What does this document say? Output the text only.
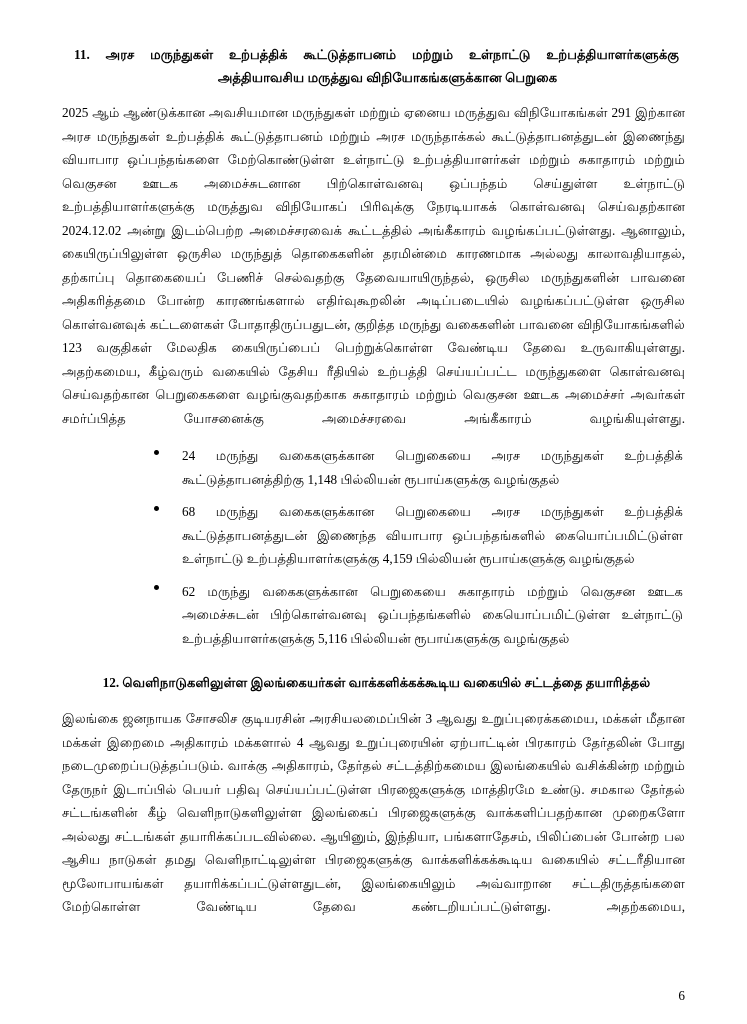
11. அரச மருந்துகள் உற்பத்திக் கூட்டுத்தாபனம் மற்றும் உள்நாட்டு உற்பத்தியாளர்களுக்கு அத்தியாவசிய மருத்துவ விநியோகங்களுக்கான பெறுகை

2025 ஆம் ஆண்டுக்கான அவசியமான மருந்துகள் மற்றும் ஏனைய மருத்துவ விநியோகங்கள் 291 இற்கான அரச மருந்துகள் உற்பத்திக் கூட்டுத்தாபனம் மற்றும் அரச மருந்தாக்கல் கூட்டுத்தாபனத்துடன் இணைந்து வியாபார ஒப்பந்தங்களை மேற்கொண்டுள்ள உள்நாட்டு உற்பத்தியாளர்கள் மற்றும் சுகாதாரம் மற்றும் வெகுசன ஊடக அமைச்சுடனான பிற்கொள்வனவு ஒப்பந்தம் செய்துள்ள உள்நாட்டு உற்பத்தியாளர்களுக்கு மருத்துவ விநியோகப் பிரிவுக்கு நேரடியாகக் கொள்வனவு செய்வதற்கான 2024.12.02 அன்று இடம்பெற்ற அமைச்சரவைக் கூட்டத்தில் அங்கீகாரம் வழங்கப்பட்டுள்ளது. ஆனாலும், கையிருப்பிலுள்ள ஒருசில மருந்துத் தொகைகளின் தரமின்மை காரணமாக அல்லது காலாவதியாதல், தற்காப்பு தொகையைப் பேணிச் செல்வதற்கு தேவையாயிருந்தல், ஒருசில மருந்துகளின் பாவனை அதிகரித்தமை போன்ற காரணங்களால் எதிர்வுகூறலின் அடிப்படையில் வழங்கப்பட்டுள்ள ஒருசில கொள்வனவுக் கட்டளைகள் போதாதிருப்பதுடன், குறித்த மருந்து வகைகளின் பாவனை விநியோகங்களில் 123 வகுதிகள் மேலதிக கையிருப்பைப் பெற்றுக்கொள்ள வேண்டிய தேவை உருவாகியுள்ளது. அதற்கமைய, கீழ்வரும் வகையில் தேசிய ரீதியில் உற்பத்தி செய்யப்பட்ட மருந்துகளை கொள்வனவு செய்வதற்கான பெறுகைகளை வழங்குவதற்காக சுகாதாரம் மற்றும் வெகுசன ஊடக அமைச்சர் அவர்கள் சமர்ப்பித்த யோசனைக்கு அமைச்சரவை அங்கீகாரம் வழங்கியுள்ளது.

24 மருந்து வகைகளுக்கான பெறுகையை அரச மருந்துகள் உற்பத்திக் கூட்டுத்தாபனத்திற்கு 1,148 பில்லியன் ரூபாய்களுக்கு வழங்குதல்
68 மருந்து வகைகளுக்கான பெறுகையை அரச மருந்துகள் உற்பத்திக் கூட்டுத்தாபனத்துடன் இணைந்த வியாபார ஒப்பந்தங்களில் கையொப்பமிட்டுள்ள உள்நாட்டு உற்பத்தியாளர்களுக்கு 4,159 பில்லியன் ரூபாய்களுக்கு வழங்குதல்
62 மருந்து வகைகளுக்கான பெறுகையை சுகாதாரம் மற்றும் வெகுசன ஊடக அமைச்சுடன் பிற்கொள்வனவு ஒப்பந்தங்களில் கையொப்பமிட்டுள்ள உள்நாட்டு உற்பத்தியாளர்களுக்கு 5,116 பில்லியன் ரூபாய்களுக்கு வழங்குதல்
12. வெளிநாடுகளிலுள்ள இலங்கையர்கள் வாக்களிக்கக்கூடிய வகையில் சட்டத்தை தயாரித்தல்

இலங்கை ஜனநாயக சோசலிச குடியரசின் அரசியலமைப்பின் 3 ஆவது உறுப்புரைக்கமைய, மக்கள் மீதான மக்கள் இறைமை அதிகாரம் மக்களால் 4 ஆவது உறுப்புரையின் ஏற்பாட்டின் பிரகாரம் தேர்தலின் போது நடைமுறைப்படுத்தப்படும். வாக்கு அதிகாரம், தேர்தல் சட்டத்திற்கமைய இலங்கையில் வசிக்கின்ற மற்றும் தேருநர் இடாப்பில் பெயர் பதிவு செய்யப்பட்டுள்ள பிரஜைகளுக்கு மாத்திரமே உண்டு. சமகால தேர்தல் சட்டங்களின் கீழ் வெளிநாடுகளிலுள்ள இலங்கைப் பிரஜைகளுக்கு வாக்களிப்பதற்கான முறைகளோ அல்லது சட்டங்கள் தயாரிக்கப்படவில்லை. ஆயினும், இந்தியா, பங்களாதேசம், பிலிப்பைன் போன்ற பல ஆசிய நாடுகள் தமது வெளிநாட்டிலுள்ள பிரஜைகளுக்கு வாக்களிக்கக்கூடிய வகையில் சட்டரீதியான மூலோபாயங்கள் தயாரிக்கப்பட்டுள்ளதுடன், இலங்கையிலும் அவ்வாறான சட்டதிருத்தங்களை மேற்கொள்ள வேண்டிய தேவை கண்டறியப்பட்டுள்ளது. அதற்கமைய,

6
